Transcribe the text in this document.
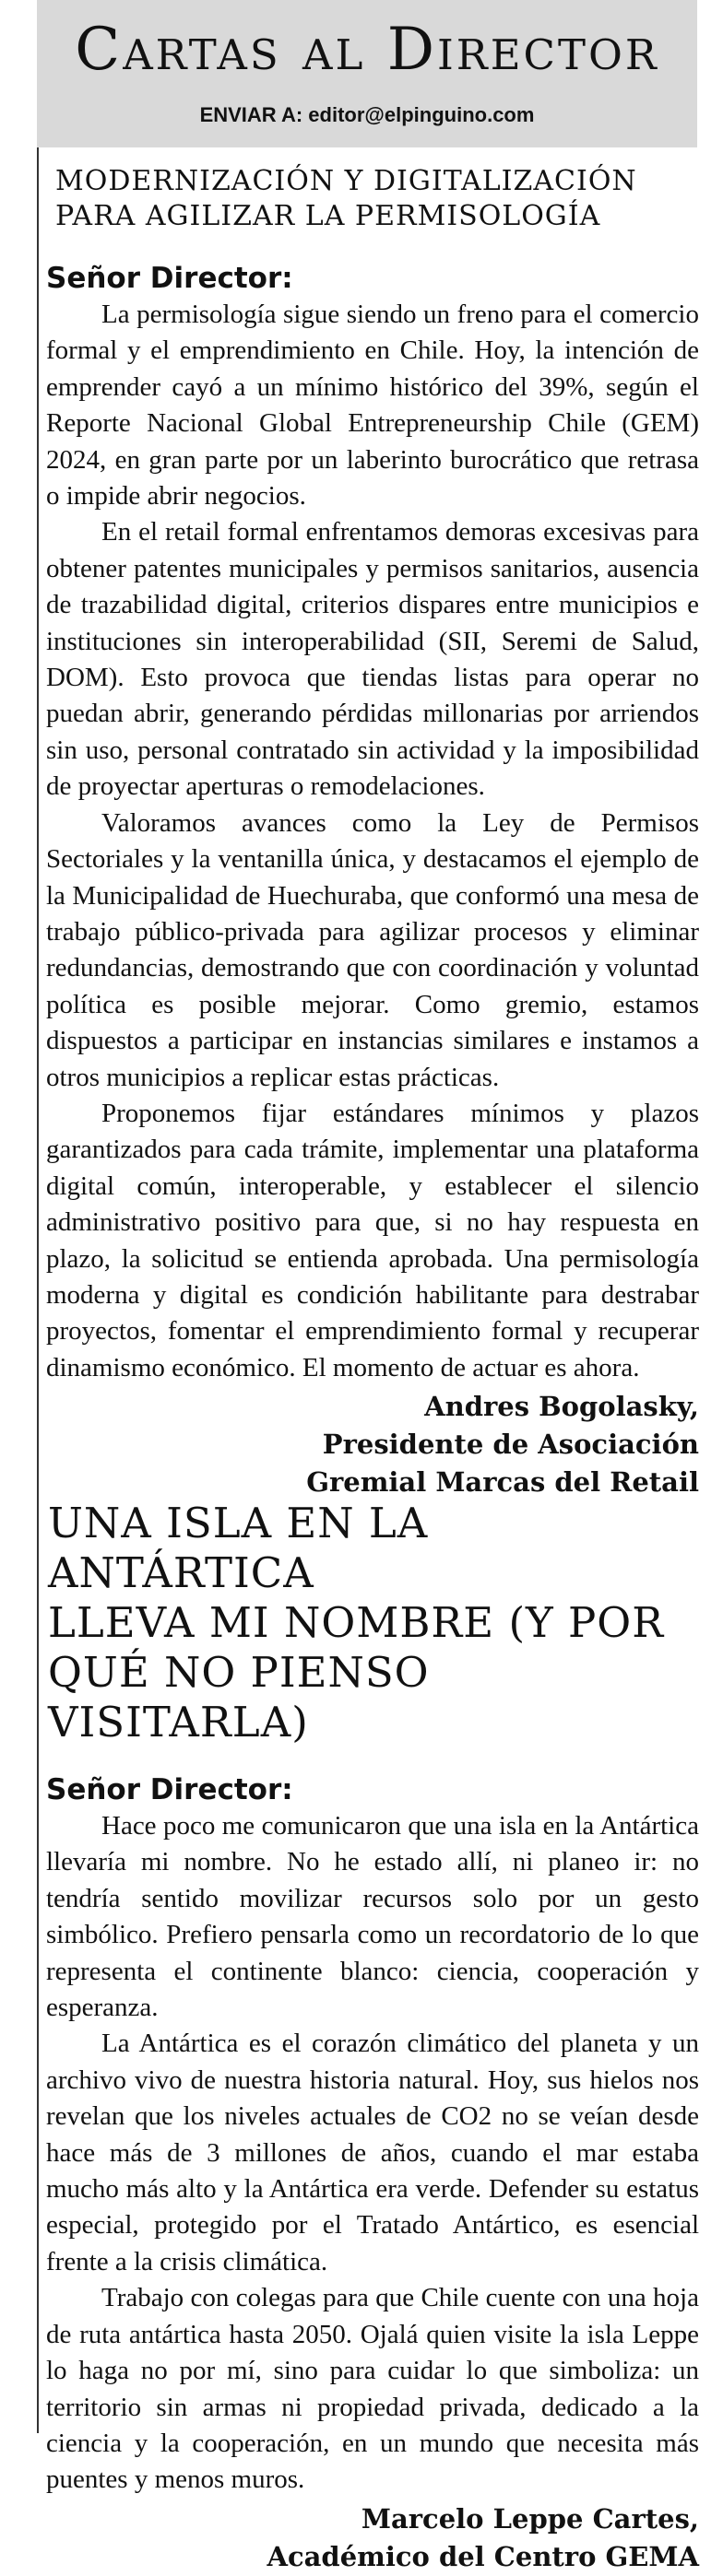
Cartas al Director
ENVIAR A: editor@elpinguino.com
MODERNIZACIÓN Y DIGITALIZACIÓN
PARA AGILIZAR LA PERMISOLOGÍA
Señor Director:

La permisología sigue siendo un freno para el comercio formal y el emprendimiento en Chile. Hoy, la intención de emprender cayó a un mínimo histórico del 39%, según el Reporte Nacional Global Entrepreneurship Chile (GEM) 2024, en gran parte por un laberinto burocrático que retrasa o impide abrir negocios.

En el retail formal enfrentamos demoras excesivas para obtener patentes municipales y permisos sanitarios, ausencia de trazabilidad digital, criterios dispares entre municipios e instituciones sin interoperabilidad (SII, Seremi de Salud, DOM). Esto provoca que tiendas listas para operar no puedan abrir, generando pérdidas millonarias por arriendos sin uso, personal contratado sin actividad y la imposibilidad de proyectar aperturas o remodelaciones.

Valoramos avances como la Ley de Permisos Sectoriales y la ventanilla única, y destacamos el ejemplo de la Municipalidad de Huechuraba, que conformó una mesa de trabajo público-privada para agilizar procesos y eliminar redundancias, demostrando que con coordinación y voluntad política es posible mejorar. Como gremio, estamos dispuestos a participar en instancias similares e instamos a otros municipios a replicar estas prácticas.

Proponemos fijar estándares mínimos y plazos garantizados para cada trámite, implementar una plataforma digital común, interoperable, y establecer el silencio administrativo positivo para que, si no hay respuesta en plazo, la solicitud se entienda aprobada. Una permisología moderna y digital es condición habilitante para destrabar proyectos, fomentar el emprendimiento formal y recuperar dinamismo económico. El momento de actuar es ahora.

Andres Bogolasky,
Presidente de Asociación
Gremial Marcas del Retail
UNA ISLA EN LA ANTÁRTICA
LLEVA MI NOMBRE (Y POR
QUÉ NO PIENSO VISITARLA)
Señor Director:

Hace poco me comunicaron que una isla en la Antártica llevaría mi nombre. No he estado allí, ni planeo ir: no tendría sentido movilizar recursos solo por un gesto simbólico. Prefiero pensarla como un recordatorio de lo que representa el continente blanco: ciencia, cooperación y esperanza.

La Antártica es el corazón climático del planeta y un archivo vivo de nuestra historia natural. Hoy, sus hielos nos revelan que los niveles actuales de CO2 no se veían desde hace más de 3 millones de años, cuando el mar estaba mucho más alto y la Antártica era verde. Defender su estatus especial, protegido por el Tratado Antártico, es esencial frente a la crisis climática.

Trabajo con colegas para que Chile cuente con una hoja de ruta antártica hasta 2050. Ojalá quien visite la isla Leppe lo haga no por mí, sino para cuidar lo que simboliza: un territorio sin armas ni propiedad privada, dedicado a la ciencia y la cooperación, en un mundo que necesita más puentes y menos muros.

Marcelo Leppe Cartes,
Académico del Centro GEMA
